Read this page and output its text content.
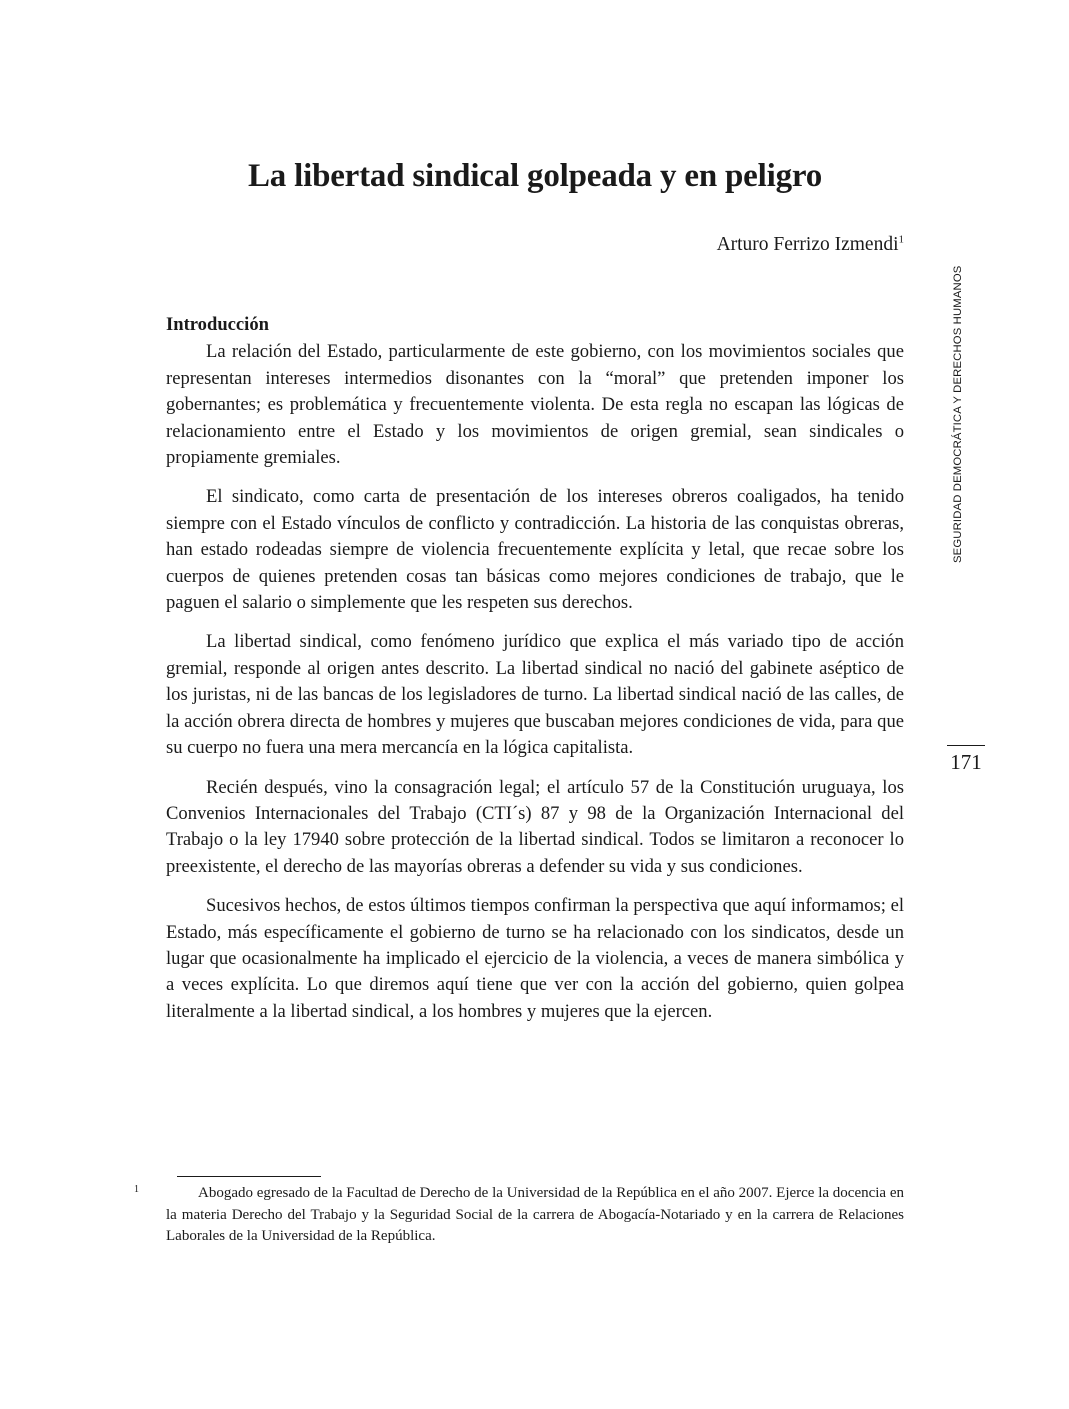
La libertad sindical golpeada y en peligro
Arturo Ferrizo Izmendi$^1$
SEGURIDAD DEMOCRÁTICA Y DERECHOS HUMANOS
171

Introducción

La relación del Estado, particularmente de este gobierno, con los movimientos sociales que representan intereses intermedios disonantes con la “moral” que pretenden imponer los gobernantes; es problemática y frecuentemente violenta. De esta regla no escapan las lógicas de relacionamiento entre el Estado y los movimientos de origen gremial, sean sindicales o propiamente gremiales.

El sindicato, como carta de presentación de los intereses obreros coaligados, ha tenido siempre con el Estado vínculos de conflicto y contradicción. La historia de las conquistas obreras, han estado rodeadas siempre de violencia frecuentemente explícita y letal, que recae sobre los cuerpos de quienes pretenden cosas tan básicas como mejores condiciones de trabajo, que le paguen el salario o simplemente que les respeten sus derechos.

La libertad sindical, como fenómeno jurídico que explica el más variado tipo de acción gremial, responde al origen antes descrito. La libertad sindical no nació del gabinete aséptico de los juristas, ni de las bancas de los legisladores de turno. La libertad sindical nació de las calles, de la acción obrera directa de hombres y mujeres que buscaban mejores condiciones de vida, para que su cuerpo no fuera una mera mercancía en la lógica capitalista.

Recién después, vino la consagración legal; el artículo 57 de la Constitución uruguaya, los Convenios Internacionales del Trabajo (CTI´s) 87 y 98 de la Organización Internacional del Trabajo o la ley 17940 sobre protección de la libertad sindical. Todos se limitaron a reconocer lo preexistente, el derecho de las mayorías obreras a defender su vida y sus condiciones.

Sucesivos hechos, de estos últimos tiempos confirman la perspectiva que aquí informamos; el Estado, más específicamente el gobierno de turno se ha relacionado con los sindicatos, desde un lugar que ocasionalmente ha implicado el ejercicio de la violencia, a veces de manera simbólica y a veces explícita. Lo que diremos aquí tiene que ver con la acción del gobierno, quien golpea literalmente a la libertad sindical, a los hombres y mujeres que la ejercen.

1	Abogado egresado de la Facultad de Derecho de la Universidad de la República en el año 2007. Ejerce la docencia en la materia Derecho del Trabajo y la Seguridad Social de la carrera de Abogacía-Notariado y en la carrera de Relaciones Laborales de la Universidad de la República.
